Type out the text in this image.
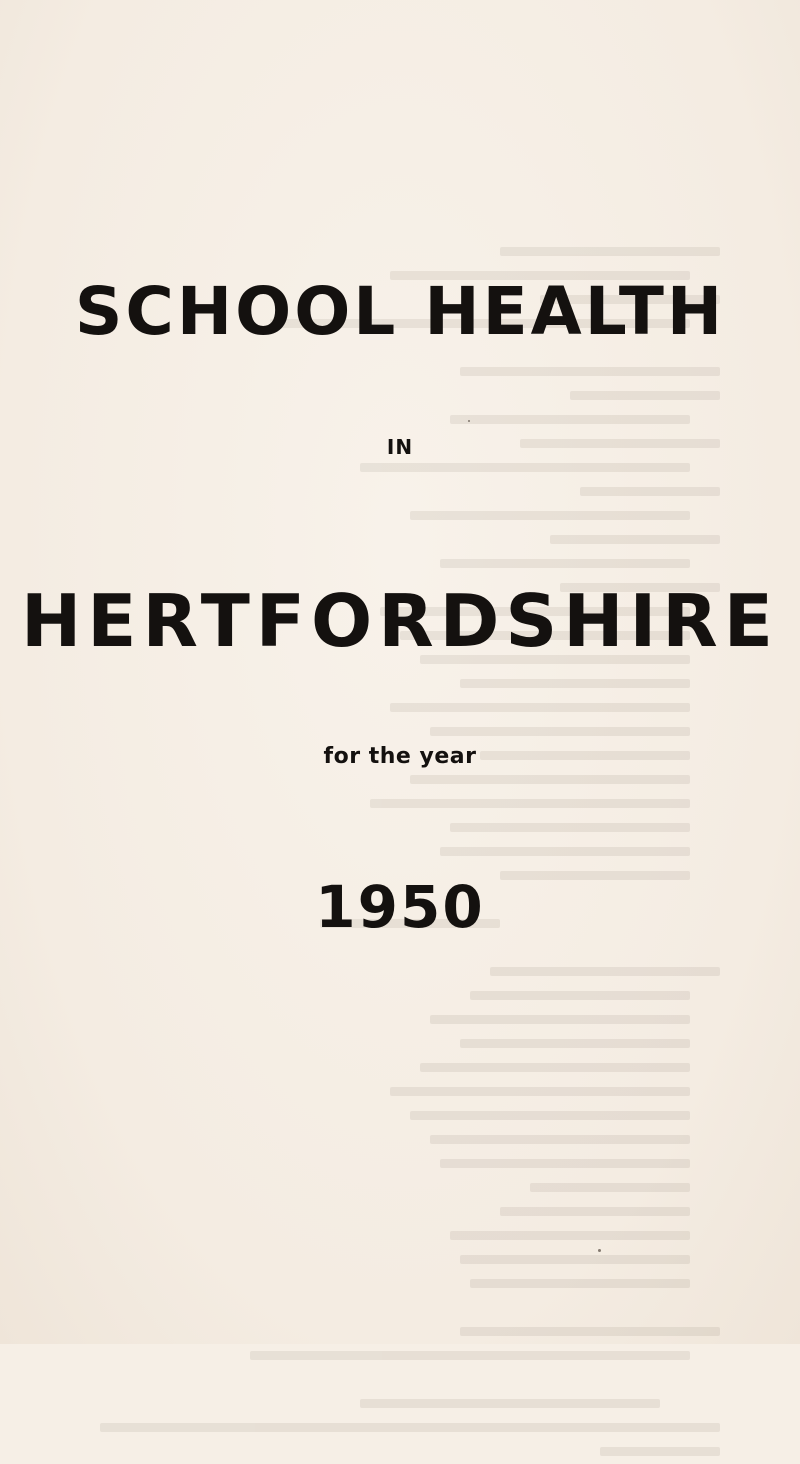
SCHOOL HEALTH
IN
HERTFORDSHIRE
for the year
1950
